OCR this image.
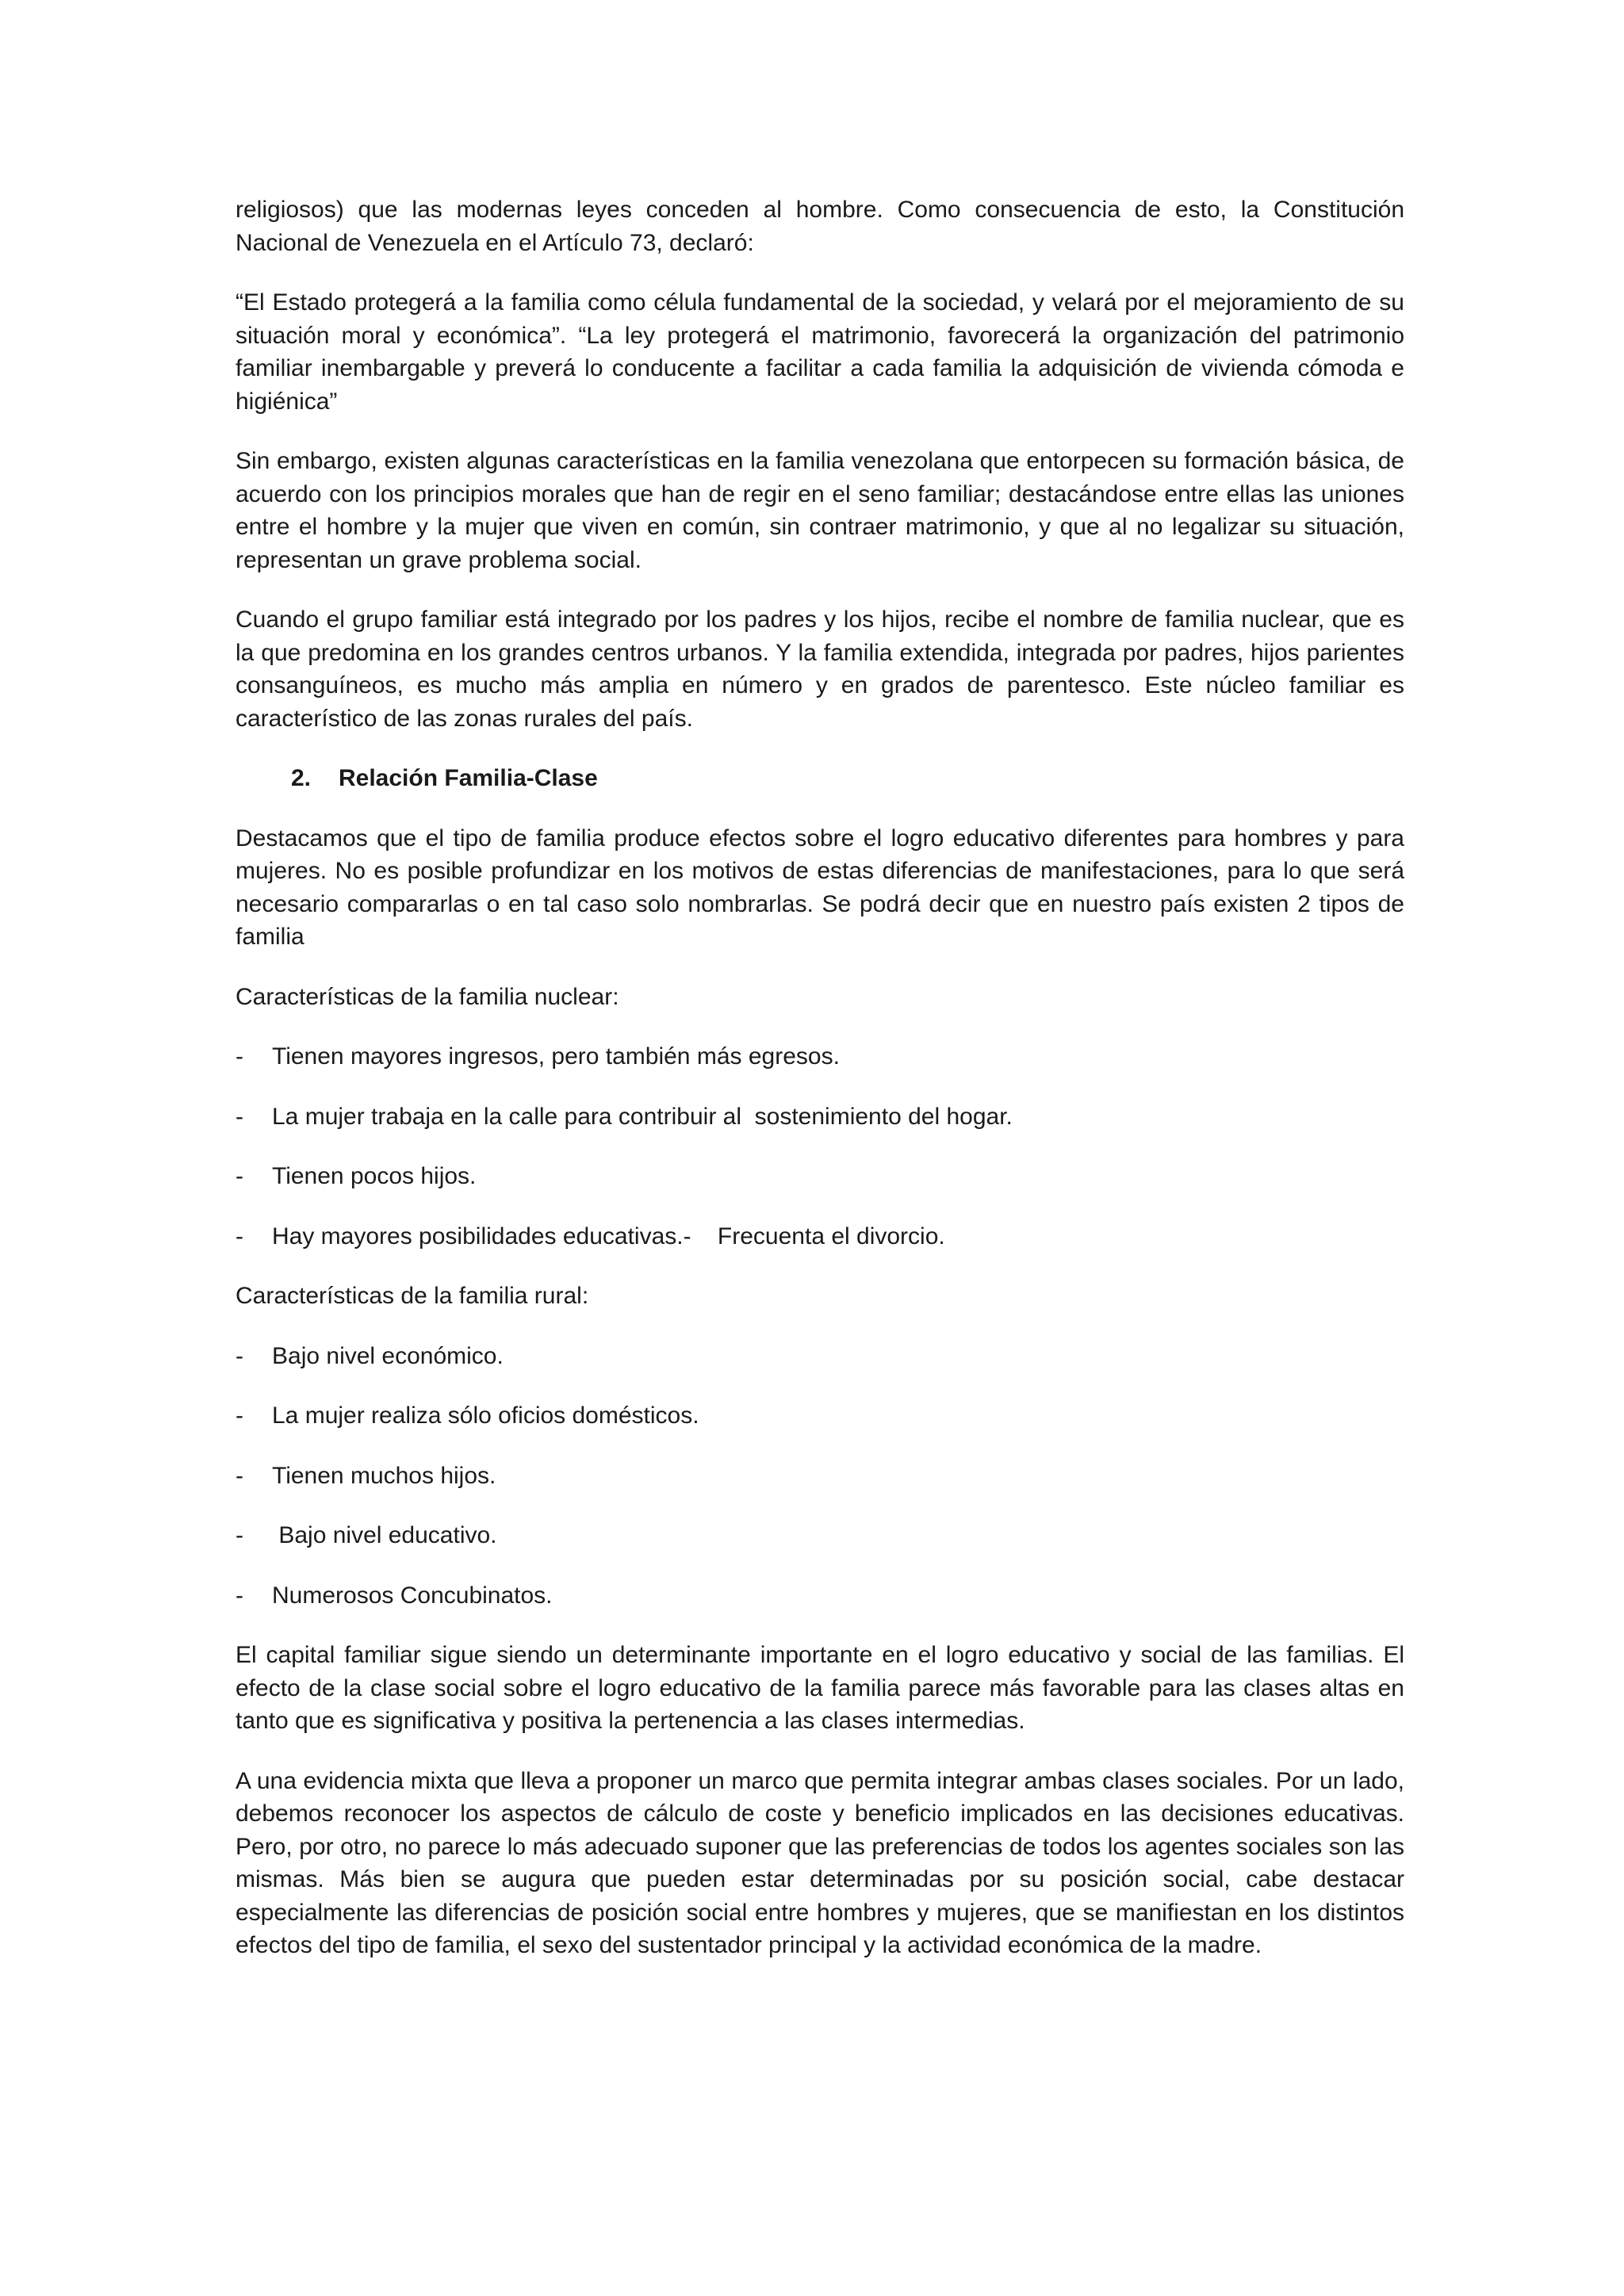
religiosos) que las modernas leyes conceden al hombre. Como consecuencia de esto, la Constitución Nacional de Venezuela en el Artículo 73, declaró:

“El Estado protegerá a la familia como célula fundamental de la sociedad, y velará por el mejoramiento de su situación moral y económica”. “La ley protegerá el matrimonio, favorecerá la organización del patrimonio familiar inembargable y preverá lo conducente a facilitar a cada familia la adquisición de vivienda cómoda e higiénica”

Sin embargo, existen algunas características en la familia venezolana que entorpecen su formación básica, de acuerdo con los principios morales que han de regir en el seno familiar; destacándose entre ellas las uniones entre el hombre y la mujer que viven en común, sin contraer matrimonio, y que al no legalizar su situación, representan un grave problema social.

Cuando el grupo familiar está integrado por los padres y los hijos, recibe el nombre de familia nuclear, que es la que predomina en los grandes centros urbanos. Y la familia extendida, integrada por padres, hijos parientes consanguíneos, es mucho más amplia en número y en grados de parentesco. Este núcleo familiar es característico de las zonas rurales del país.

2.	Relación Familia-Clase

Destacamos que el tipo de familia produce efectos sobre el logro educativo diferentes para hombres y para mujeres. No es posible profundizar en los motivos de estas diferencias de manifestaciones, para lo que será necesario compararlas o en tal caso solo nombrarlas. Se podrá decir que en nuestro país existen 2 tipos de familia

Características de la familia nuclear:

-	Tienen mayores ingresos, pero también más egresos.
-	La mujer trabaja en la calle para contribuir al  sostenimiento del hogar.
-	Tienen pocos hijos.
-	Hay mayores posibilidades educativas.-    Frecuenta el divorcio.

Características de la familia rural:

-	Bajo nivel económico.
-	La mujer realiza sólo oficios domésticos.
-	Tienen muchos hijos.
-	Bajo nivel educativo.
-	Numerosos Concubinatos.

El capital familiar sigue siendo un determinante importante en el logro educativo y social de las familias. El efecto de la clase social sobre el logro educativo de la familia parece más favorable para las clases altas en tanto que es significativa y positiva la pertenencia a las clases intermedias.

A una evidencia mixta que lleva a proponer un marco que permita integrar ambas clases sociales. Por un lado, debemos reconocer los aspectos de cálculo de coste y beneficio implicados en las decisiones educativas. Pero, por otro, no parece lo más adecuado suponer que las preferencias de todos los agentes sociales son las mismas. Más bien se augura que pueden estar determinadas por su posición social, cabe destacar especialmente las diferencias de posición social entre hombres y mujeres, que se manifiestan en los distintos efectos del tipo de familia, el sexo del sustentador principal y la actividad económica de la madre.
